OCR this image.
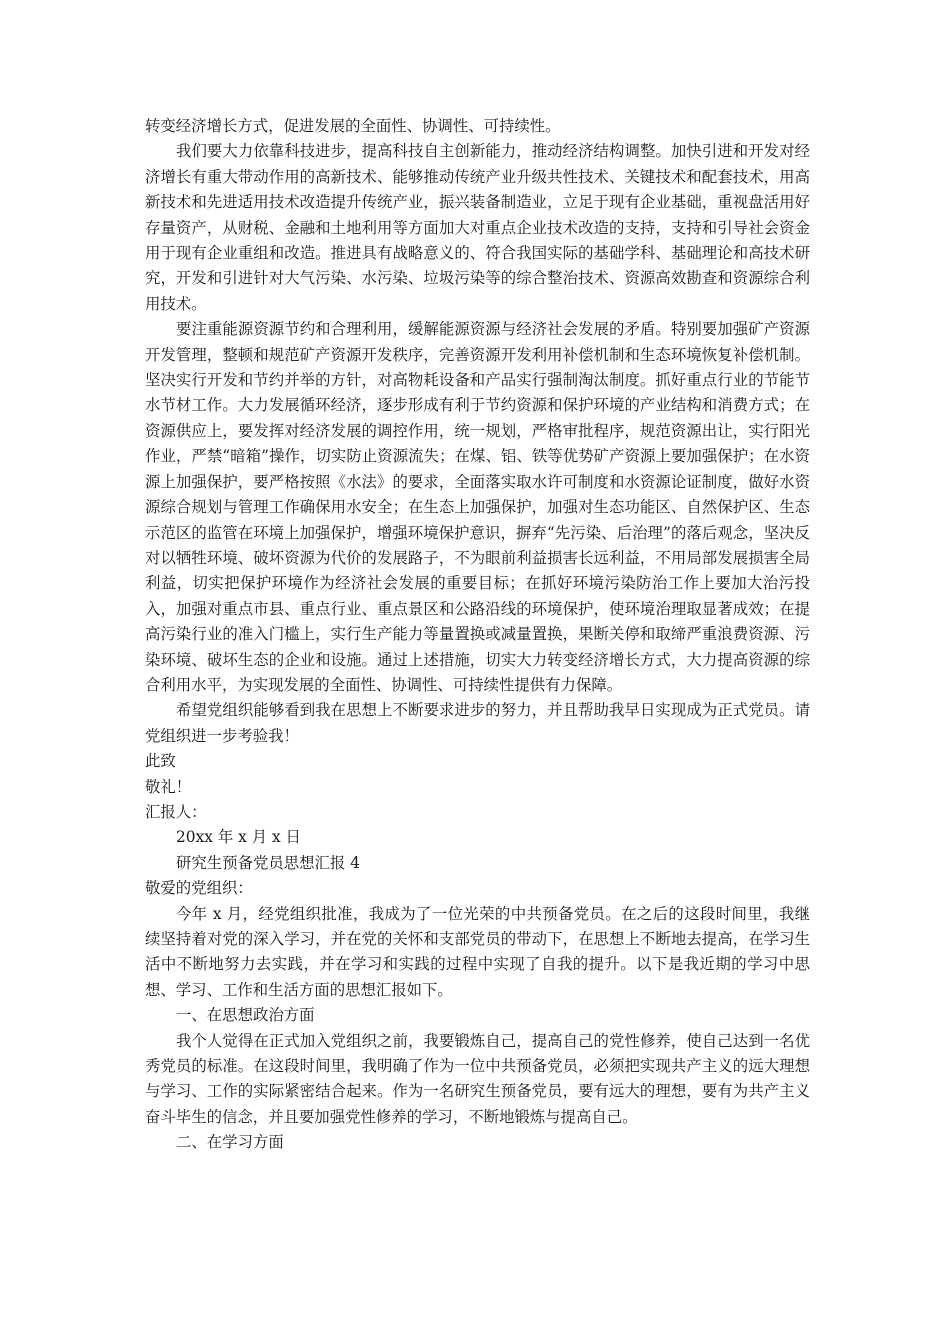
转变经济增长方式，促进发展的全面性、协调性、可持续性。

我们要大力依靠科技进步，提高科技自主创新能力，推动经济结构调整。加快引进和开发对经济增长有重大带动作用的高新技术、能够推动传统产业升级共性技术、关键技术和配套技术，用高新技术和先进适用技术改造提升传统产业，振兴装备制造业，立足于现有企业基础，重视盘活用好存量资产，从财税、金融和土地利用等方面加大对重点企业技术改造的支持，支持和引导社会资金用于现有企业重组和改造。推进具有战略意义的、符合我国实际的基础学科、基础理论和高技术研究，开发和引进针对大气污染、水污染、垃圾污染等的综合整治技术、资源高效勘查和资源综合利用技术。

要注重能源资源节约和合理利用，缓解能源资源与经济社会发展的矛盾。特别要加强矿产资源开发管理，整顿和规范矿产资源开发秩序，完善资源开发利用补偿机制和生态环境恢复补偿机制。坚决实行开发和节约并举的方针，对高物耗设备和产品实行强制淘汰制度。抓好重点行业的节能节水节材工作。大力发展循环经济，逐步形成有利于节约资源和保护环境的产业结构和消费方式；在资源供应上，要发挥对经济发展的调控作用，统一规划，严格审批程序，规范资源出让，实行阳光作业，严禁“暗箱”操作，切实防止资源流失；在煤、铝、铁等优势矿产资源上要加强保护；在水资源上加强保护，要严格按照《水法》的要求，全面落实取水许可制度和水资源论证制度，做好水资源综合规划与管理工作确保用水安全；在生态上加强保护，加强对生态功能区、自然保护区、生态示范区的监管在环境上加强保护，增强环境保护意识，摒弃“先污染、后治理”的落后观念，坚决反对以牺牲环境、破坏资源为代价的发展路子，不为眼前利益损害长远利益，不用局部发展损害全局利益，切实把保护环境作为经济社会发展的重要目标；在抓好环境污染防治工作上要加大治污投入，加强对重点市县、重点行业、重点景区和公路沿线的环境保护，使环境治理取显著成效；在提高污染行业的准入门槛上，实行生产能力等量置换或减量置换，果断关停和取缔严重浪费资源、污染环境、破坏生态的企业和设施。通过上述措施，切实大力转变经济增长方式，大力提高资源的综合利用水平，为实现发展的全面性、协调性、可持续性提供有力保障。

希望党组织能够看到我在思想上不断要求进步的努力，并且帮助我早日实现成为正式党员。请党组织进一步考验我！

此致

敬礼！

汇报人：

20xx 年 x 月 x 日

研究生预备党员思想汇报 4

敬爱的党组织：

今年 x 月，经党组织批准，我成为了一位光荣的中共预备党员。在之后的这段时间里，我继续坚持着对党的深入学习，并在党的关怀和支部党员的带动下，在思想上不断地去提高，在学习生活中不断地努力去实践，并在学习和实践的过程中实现了自我的提升。以下是我近期的学习中思想、学习、工作和生活方面的思想汇报如下。

一、在思想政治方面

我个人觉得在正式加入党组织之前，我要锻炼自己，提高自己的党性修养，使自己达到一名优秀党员的标准。在这段时间里，我明确了作为一位中共预备党员，必须把实现共产主义的远大理想与学习、工作的实际紧密结合起来。作为一名研究生预备党员，要有远大的理想，要有为共产主义奋斗毕生的信念，并且要加强党性修养的学习，不断地锻炼与提高自己。

二、在学习方面
